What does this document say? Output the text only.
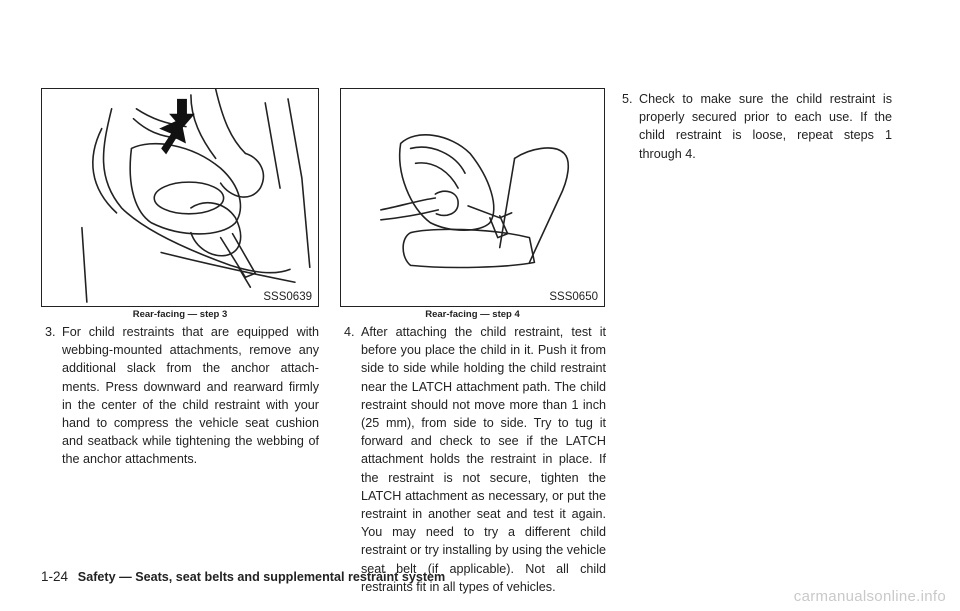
SSS0639
Rear-facing — step 3
SSS0650
Rear-facing — step 4
3. For child restraints that are equipped with webbing-mounted attachments, remove any additional slack from the anchor attach- ments. Press downward and rearward firmly in the center of the child restraint with your hand to compress the vehicle seat cushion and seatback while tightening the webbing of the anchor attachments.
4. After attaching the child restraint, test it before you place the child in it. Push it from side to side while holding the child restraint near the LATCH attachment path. The child restraint should not move more than 1 inch (25 mm), from side to side. Try to tug it forward and check to see if the LATCH attachment holds the restraint in place. If the restraint is not secure, tighten the LATCH attachment as necessary, or put the restraint in another seat and test it again. You may need to try a different child restraint or try installing by using the vehicle seat belt (if applicable). Not all child restraints fit in all types of vehicles.
5. Check to make sure the child restraint is properly secured prior to each use. If the child restraint is loose, repeat steps 1 through 4.
1-24 Safety — Seats, seat belts and supplemental restraint system
carmanualsonline.info
